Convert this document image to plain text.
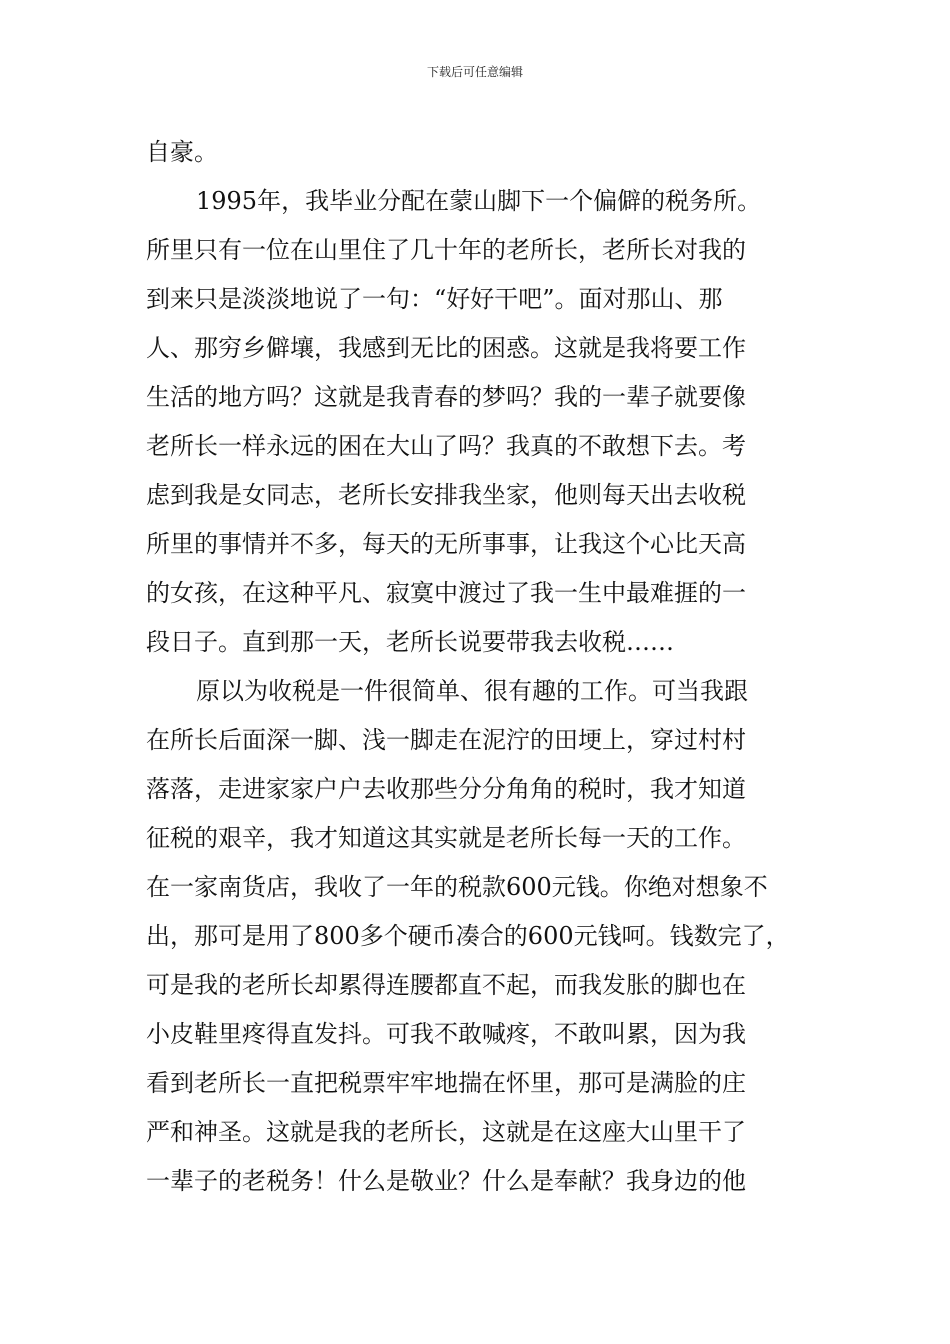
下载后可任意编辑
自豪。
1995年，我毕业分配在蒙山脚下一个偏僻的税务所。
所里只有一位在山里住了几十年的老所长，老所长对我的
到来只是淡淡地说了一句：“好好干吧”。面对那山、那
人、那穷乡僻壤，我感到无比的困惑。这就是我将要工作
生活的地方吗？这就是我青春的梦吗？我的一辈子就要像
老所长一样永远的困在大山了吗？我真的不敢想下去。考
虑到我是女同志，老所长安排我坐家，他则每天出去收税
所里的事情并不多，每天的无所事事，让我这个心比天高
的女孩，在这种平凡、寂寞中渡过了我一生中最难捱的一
段日子。直到那一天，老所长说要带我去收税……
原以为收税是一件很简单、很有趣的工作。可当我跟
在所长后面深一脚、浅一脚走在泥泞的田埂上，穿过村村
落落，走进家家户户去收那些分分角角的税时，我才知道
征税的艰辛，我才知道这其实就是老所长每一天的工作。
在一家南货店，我收了一年的税款600元钱。你绝对想象不
出，那可是用了800多个硬币凑合的600元钱呵。钱数完了，
可是我的老所长却累得连腰都直不起，而我发胀的脚也在
小皮鞋里疼得直发抖。可我不敢喊疼，不敢叫累，因为我
看到老所长一直把税票牢牢地揣在怀里，那可是满脸的庄
严和神圣。这就是我的老所长，这就是在这座大山里干了
一辈子的老税务！什么是敬业？什么是奉献？我身边的他
